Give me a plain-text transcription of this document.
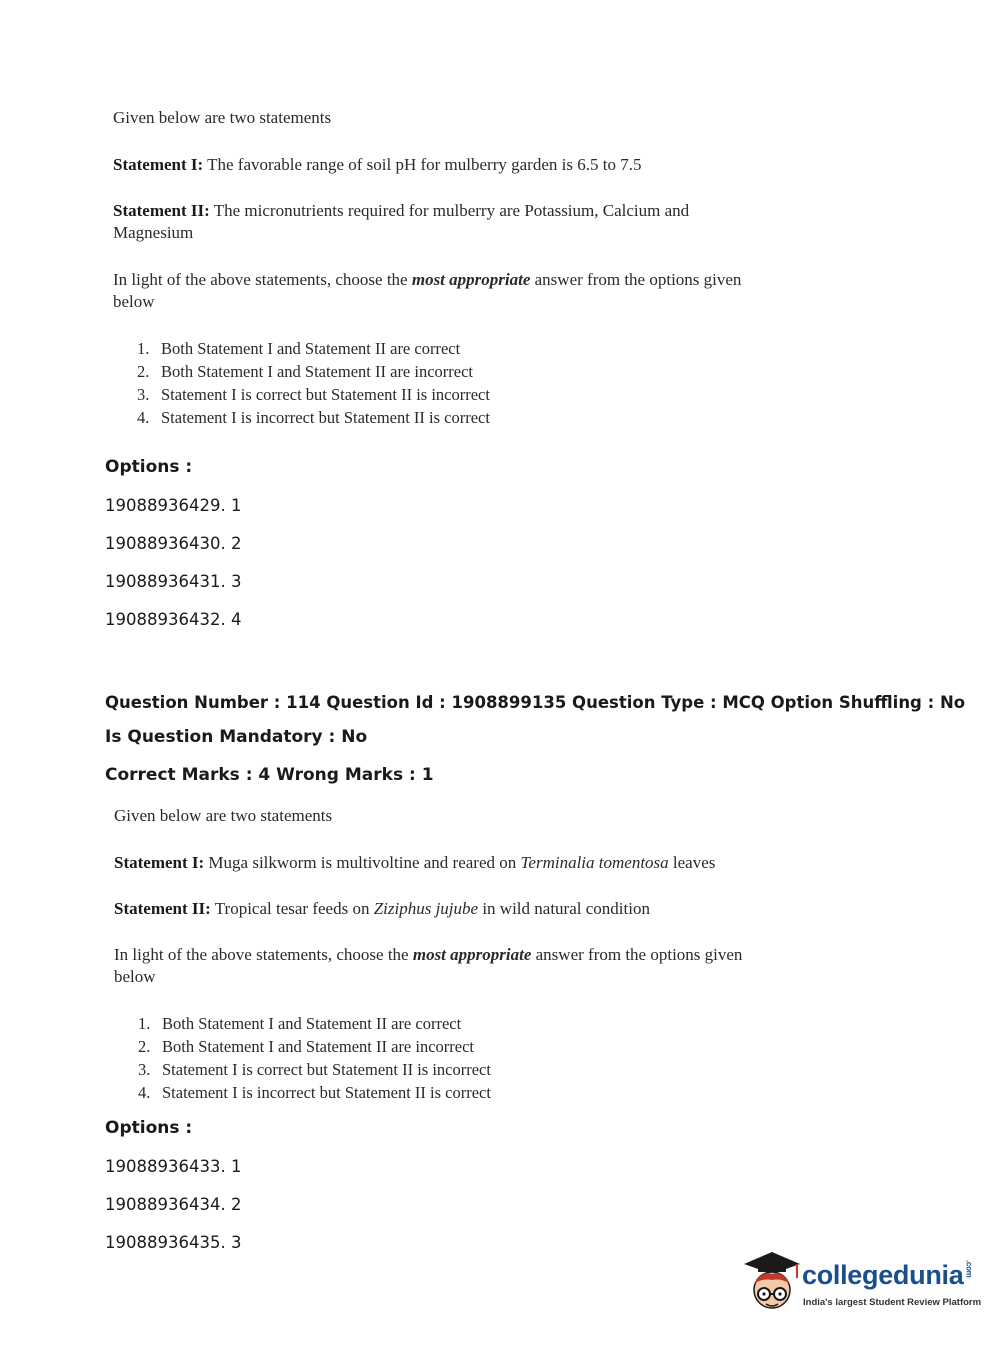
Given below are two statements
Statement I: The favorable range of soil pH for mulberry garden is 6.5 to 7.5
Statement II: The micronutrients required for mulberry are Potassium, Calcium and
Magnesium
In light of the above statements, choose the most appropriate answer from the options given
below
1. Both Statement I and Statement II are correct
2. Both Statement I and Statement II are incorrect
3. Statement I is correct but Statement II is incorrect
4. Statement I is incorrect but Statement II is correct
Options :
19088936429. 1
19088936430. 2
19088936431. 3
19088936432. 4
Question Number : 114 Question Id : 1908899135 Question Type : MCQ Option Shuffling : No
Is Question Mandatory : No
Correct Marks : 4 Wrong Marks : 1
Given below are two statements
Statement I: Muga silkworm is multivoltine and reared on Terminalia tomentosa leaves
Statement II: Tropical tesar feeds on Ziziphus jujube in wild natural condition
In light of the above statements, choose the most appropriate answer from the options given
below
1. Both Statement I and Statement II are correct
2. Both Statement I and Statement II are incorrect
3. Statement I is correct but Statement II is incorrect
4. Statement I is incorrect but Statement II is correct
Options :
19088936433. 1
19088936434. 2
19088936435. 3
collegedunia.com
India's largest Student Review Platform
